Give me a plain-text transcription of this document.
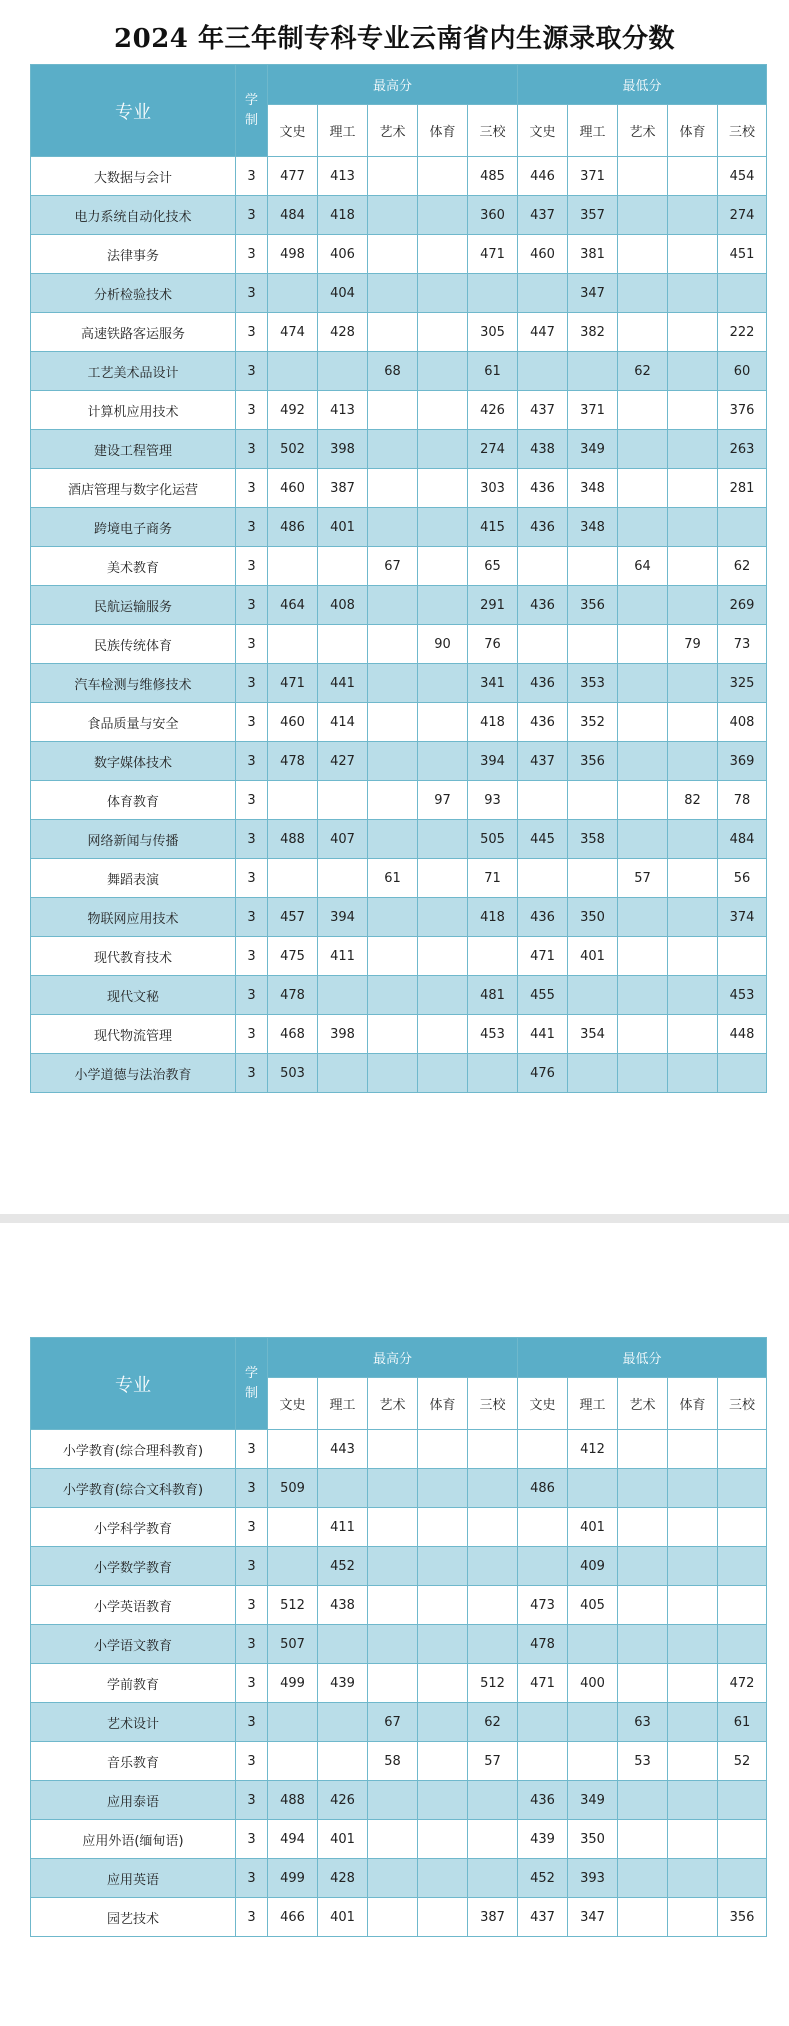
2024 年三年制专科专业云南省内生源录取分数
专业	学
制	最高分					最低分				
		文史	理工	艺术	体育	三校	文史	理工	艺术	体育	三校
大数据与会计	3	477	413			485	446	371			454
电力系统自动化技术	3	484	418			360	437	357			274
法律事务	3	498	406			471	460	381			451
分析检验技术	3		404					347			
高速铁路客运服务	3	474	428			305	447	382			222
工艺美术品设计	3			68		61			62		60
计算机应用技术	3	492	413			426	437	371			376
建设工程管理	3	502	398			274	438	349			263
酒店管理与数字化运营	3	460	387			303	436	348			281
跨境电子商务	3	486	401			415	436	348			
美术教育	3			67		65			64		62
民航运输服务	3	464	408			291	436	356			269
民族传统体育	3				90	76				79	73
汽车检测与维修技术	3	471	441			341	436	353			325
食品质量与安全	3	460	414			418	436	352			408
数字媒体技术	3	478	427			394	437	356			369
体育教育	3				97	93				82	78
网络新闻与传播	3	488	407			505	445	358			484
舞蹈表演	3			61		71			57		56
物联网应用技术	3	457	394			418	436	350			374
现代教育技术	3	475	411				471	401			
现代文秘	3	478				481	455				453
现代物流管理	3	468	398			453	441	354			448
小学道德与法治教育	3	503					476				
专业	学
制	最高分					最低分				
		文史	理工	艺术	体育	三校	文史	理工	艺术	体育	三校
小学教育(综合理科教育)	3		443					412			
小学教育(综合文科教育)	3	509					486				
小学科学教育	3		411					401			
小学数学教育	3		452					409			
小学英语教育	3	512	438				473	405			
小学语文教育	3	507					478				
学前教育	3	499	439			512	471	400			472
艺术设计	3			67		62			63		61
音乐教育	3			58		57			53		52
应用泰语	3	488	426				436	349			
应用外语(缅甸语)	3	494	401				439	350			
应用英语	3	499	428				452	393			
园艺技术	3	466	401			387	437	347			356
